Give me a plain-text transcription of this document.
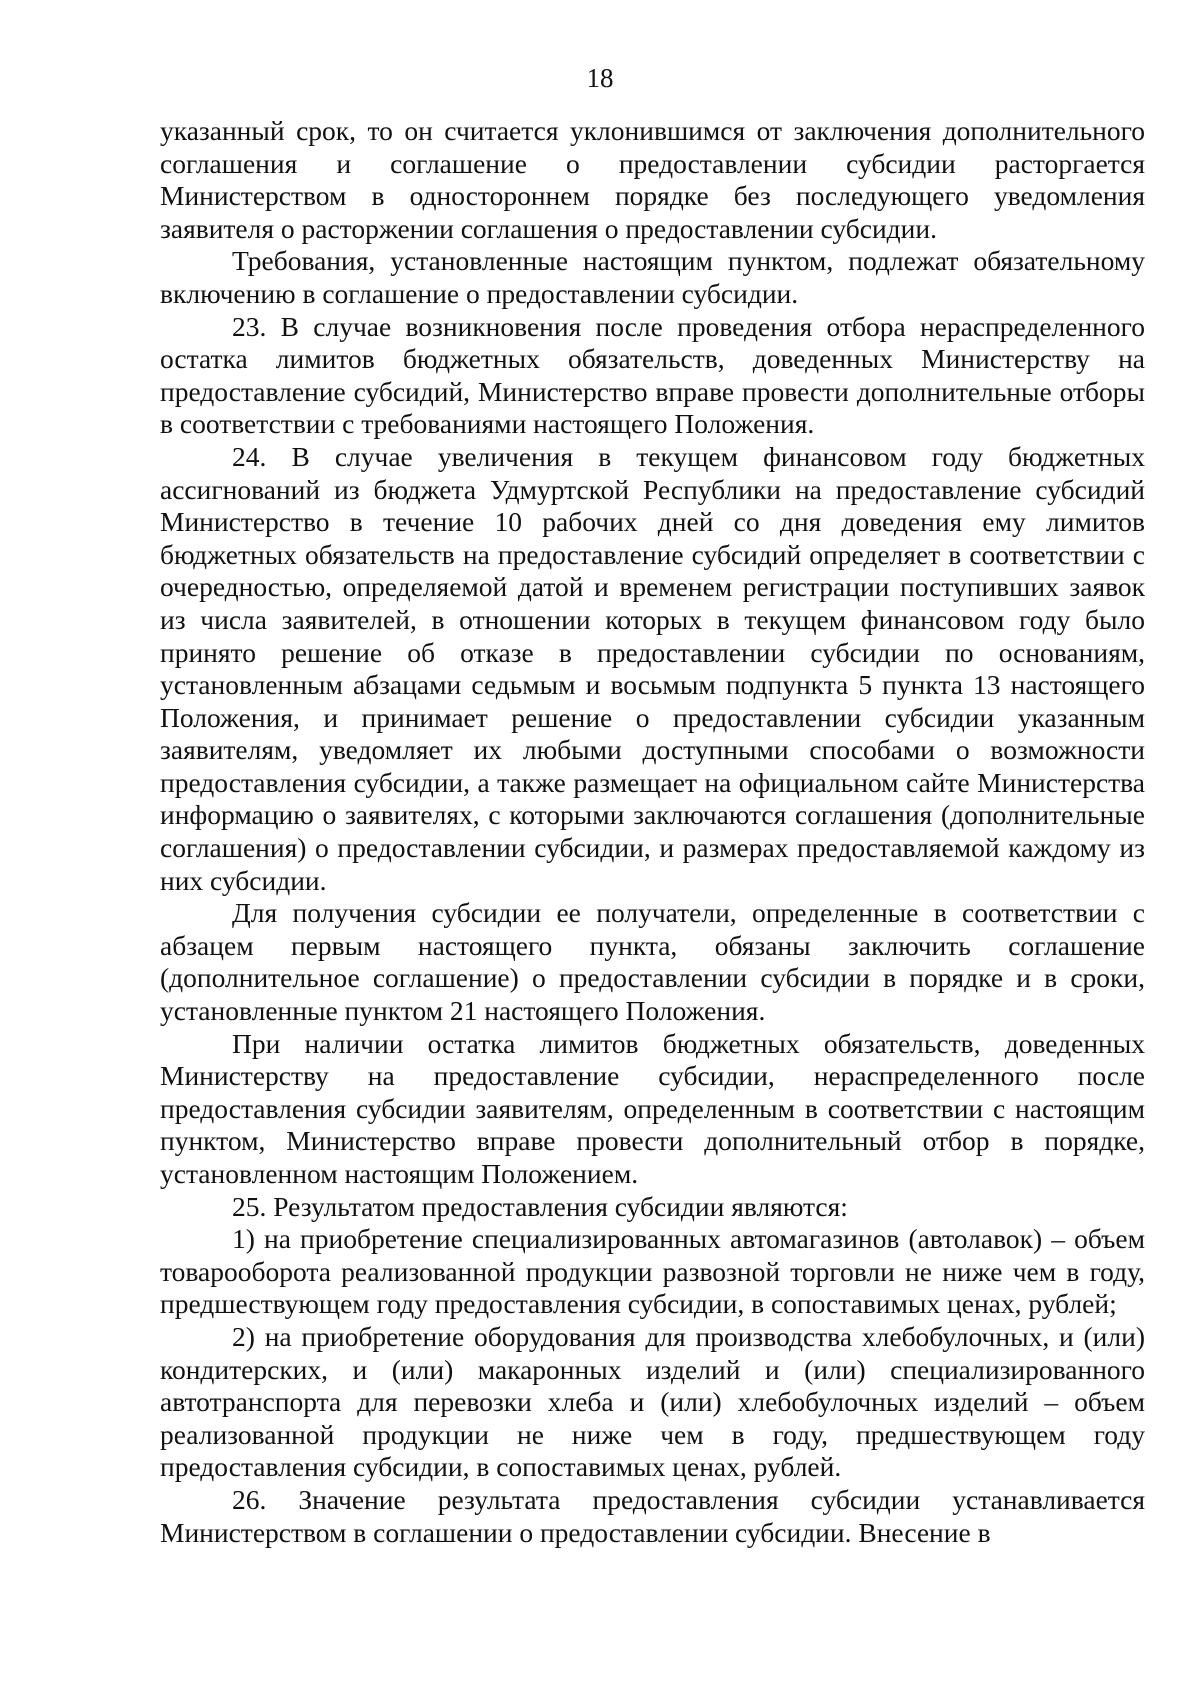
18

указанный срок, то он считается уклонившимся от заключения дополнительного соглашения и соглашение о предоставлении субсидии расторгается Министерством в одностороннем порядке без последующего уведомления заявителя о расторжении соглашения о предоставлении субсидии.

Требования, установленные настоящим пунктом, подлежат обязательному включению в соглашение о предоставлении субсидии.

23. В случае возникновения после проведения отбора нераспределенного остатка лимитов бюджетных обязательств, доведенных Министерству на предоставление субсидий, Министерство вправе провести дополнительные отборы в соответствии с требованиями настоящего Положения.

24. В случае увеличения в текущем финансовом году бюджетных ассигнований из бюджета Удмуртской Республики на предоставление субсидий Министерство в течение 10 рабочих дней со дня доведения ему лимитов бюджетных обязательств на предоставление субсидий определяет в соответствии с очередностью, определяемой датой и временем регистрации поступивших заявок из числа заявителей, в отношении которых в текущем финансовом году было принято решение об отказе в предоставлении субсидии по основаниям, установленным абзацами седьмым и восьмым подпункта 5 пункта 13 настоящего Положения, и принимает решение о предоставлении субсидии указанным заявителям, уведомляет их любыми доступными способами о возможности предоставления субсидии, а также размещает на официальном сайте Министерства информацию о заявителях, с которыми заключаются соглашения (дополнительные соглашения) о предоставлении субсидии, и размерах предоставляемой каждому из них субсидии.

Для получения субсидии ее получатели, определенные в соответствии с абзацем первым настоящего пункта, обязаны заключить соглашение (дополнительное соглашение) о предоставлении субсидии в порядке и в сроки, установленные пунктом 21 настоящего Положения.

При наличии остатка лимитов бюджетных обязательств, доведенных Министерству на предоставление субсидии, нераспределенного после предоставления субсидии заявителям, определенным в соответствии с настоящим пунктом, Министерство вправе провести дополнительный отбор в порядке, установленном настоящим Положением.

25. Результатом предоставления субсидии являются:

1) на приобретение специализированных автомагазинов (автолавок) – объем товарооборота реализованной продукции развозной торговли не ниже чем в году, предшествующем году предоставления субсидии, в сопоставимых ценах, рублей;

2) на приобретение оборудования для производства хлебобулочных, и (или) кондитерских, и (или) макаронных изделий и (или) специализированного автотранспорта для перевозки хлеба и (или) хлебобулочных изделий – объем реализованной продукции не ниже чем в году, предшествующем году предоставления субсидии, в сопоставимых ценах, рублей.

26. Значение результата предоставления субсидии устанавливается Министерством в соглашении о предоставлении субсидии. Внесение в
